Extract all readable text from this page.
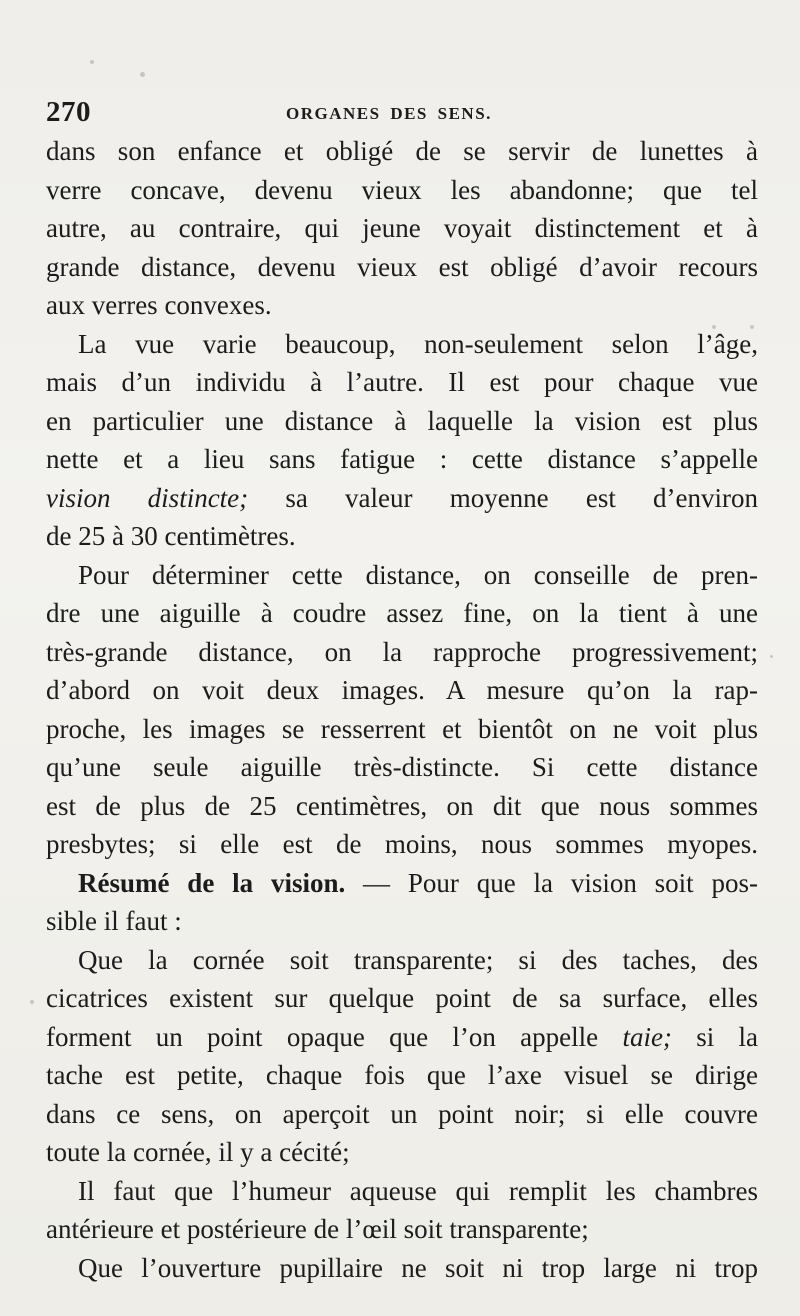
270	ORGANES DES SENS.
dans son enfance et obligé de se servir de lunettes à
verre concave, devenu vieux les abandonne; que tel
autre, au contraire, qui jeune voyait distinctement et à
grande distance, devenu vieux est obligé d’avoir recours
aux verres convexes.
La vue varie beaucoup, non-seulement selon l’âge,
mais d’un individu à l’autre. Il est pour chaque vue
en particulier une distance à laquelle la vision est plus
nette et a lieu sans fatigue : cette distance s’appelle
vision distincte; sa valeur moyenne est d’environ
de 25 à 30 centimètres.
Pour déterminer cette distance, on conseille de pren-
dre une aiguille à coudre assez fine, on la tient à une
très-grande distance, on la rapproche progressivement;
d’abord on voit deux images. A mesure qu’on la rap-
proche, les images se resserrent et bientôt on ne voit plus
qu’une seule aiguille très-distincte. Si cette distance
est de plus de 25 centimètres, on dit que nous sommes
presbytes; si elle est de moins, nous sommes myopes.
Résumé de la vision. — Pour que la vision soit pos-
sible il faut :
Que la cornée soit transparente; si des taches, des
cicatrices existent sur quelque point de sa surface, elles
forment un point opaque que l’on appelle taie; si la
tache est petite, chaque fois que l’axe visuel se dirige
dans ce sens, on aperçoit un point noir; si elle couvre
toute la cornée, il y a cécité;
Il faut que l’humeur aqueuse qui remplit les chambres
antérieure et postérieure de l’œil soit transparente;
Que l’ouverture pupillaire ne soit ni trop large ni trop
